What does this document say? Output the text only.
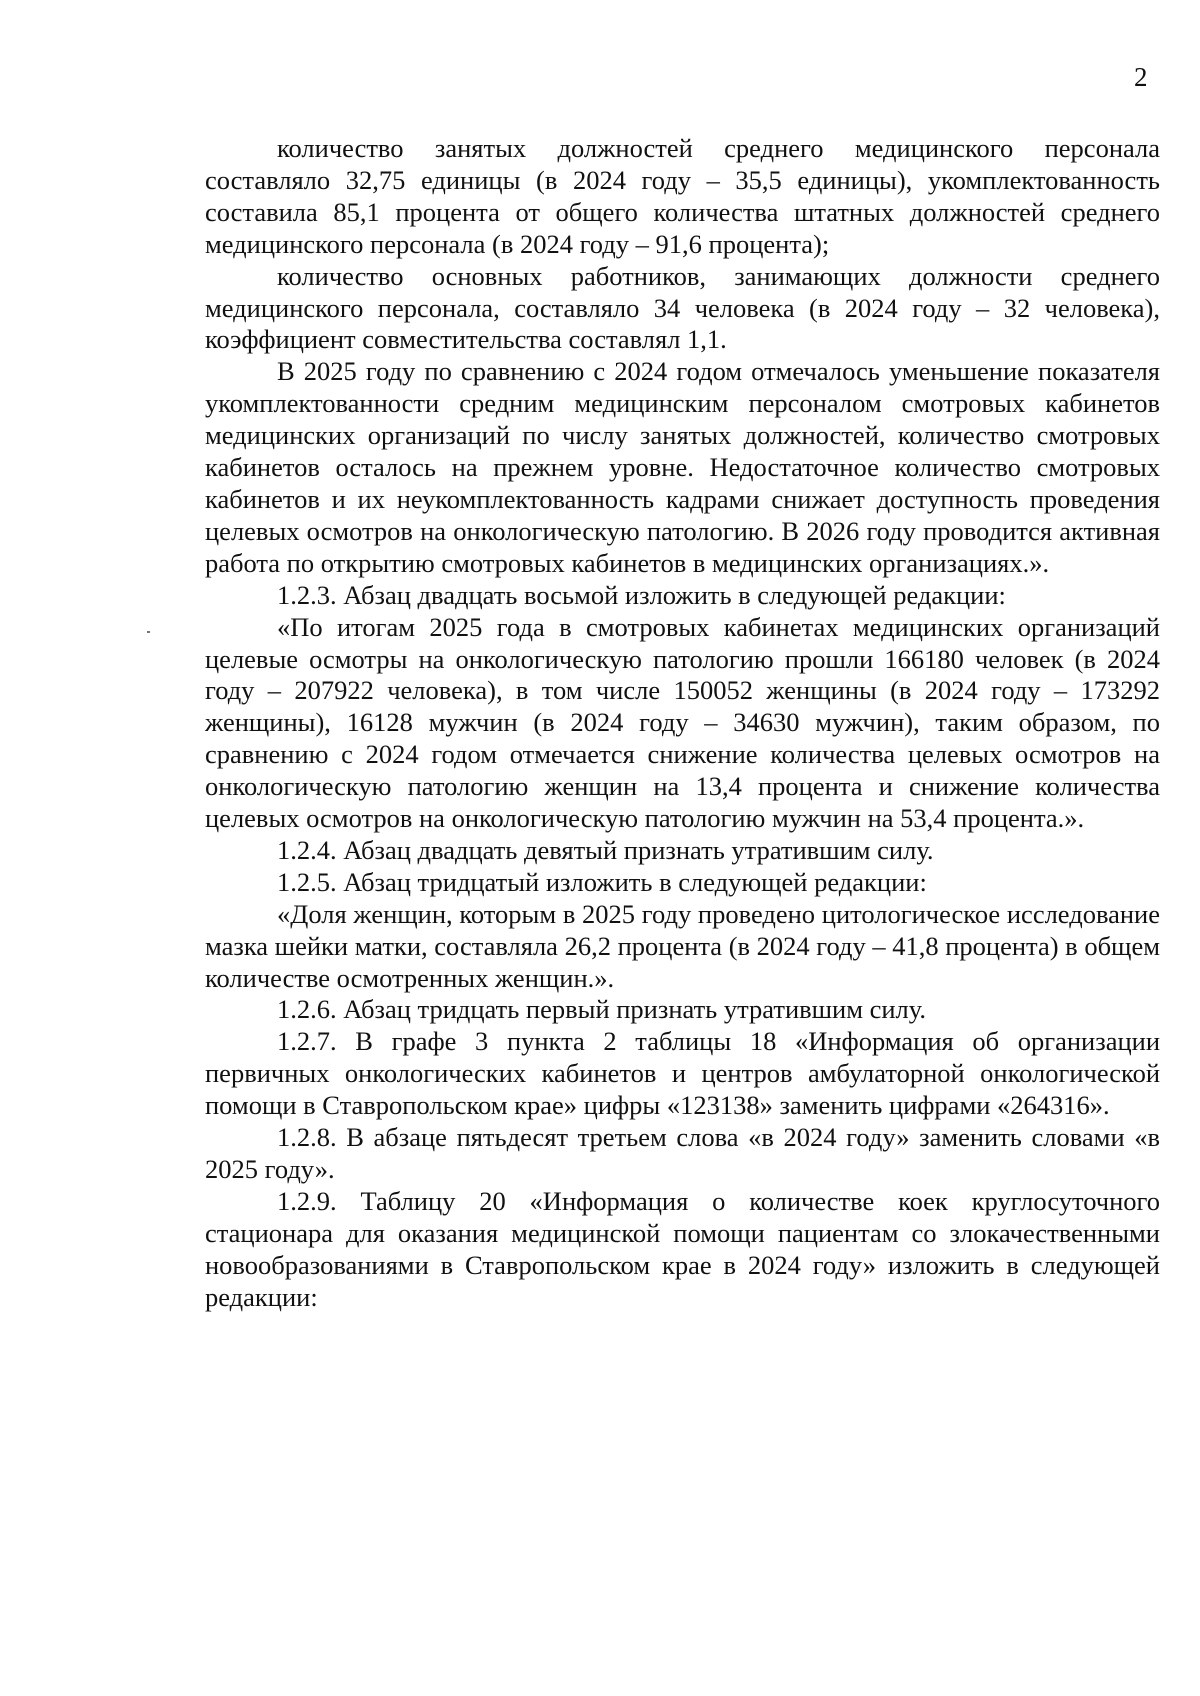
2

количество занятых должностей среднего медицинского персонала составляло 32,75 единицы (в 2024 году – 35,5 единицы), укомплектованность составила 85,1 процента от общего количества штатных должностей среднего медицинского персонала (в 2024 году – 91,6 процента);

количество основных работников, занимающих должности среднего медицинского персонала, составляло 34 человека (в 2024 году – 32 человека), коэффициент совместительства составлял 1,1.

В 2025 году по сравнению с 2024 годом отмечалось уменьшение показателя укомплектованности средним медицинским персоналом смотровых кабинетов медицинских организаций по числу занятых должностей, количество смотровых кабинетов осталось на прежнем уровне. Недостаточное количество смотровых кабинетов и их неукомплектованность кадрами снижает доступность проведения целевых осмотров на онкологическую патологию. В 2026 году проводится активная работа по открытию смотровых кабинетов в медицинских организациях.».

1.2.3. Абзац двадцать восьмой изложить в следующей редакции:

«По итогам 2025 года в смотровых кабинетах медицинских организаций целевые осмотры на онкологическую патологию прошли 166180 человек (в 2024 году – 207922 человека), в том числе 150052 женщины (в 2024 году – 173292 женщины), 16128 мужчин (в 2024 году – 34630 мужчин), таким образом, по сравнению с 2024 годом отмечается снижение количества целевых осмотров на онкологическую патологию женщин на 13,4 процента и снижение количества целевых осмотров на онкологическую патологию мужчин на 53,4 процента.».

1.2.4. Абзац двадцать девятый признать утратившим силу.

1.2.5. Абзац тридцатый изложить в следующей редакции:

«Доля женщин, которым в 2025 году проведено цитологическое исследование мазка шейки матки, составляла 26,2 процента (в 2024 году – 41,8 процента) в общем количестве осмотренных женщин.».

1.2.6. Абзац тридцать первый признать утратившим силу.

1.2.7. В графе 3 пункта 2 таблицы 18 «Информация об организации первичных онкологических кабинетов и центров амбулаторной онкологической помощи в Ставропольском крае» цифры «123138» заменить цифрами «264316».

1.2.8. В абзаце пятьдесят третьем слова «в 2024 году» заменить словами «в 2025 году».

1.2.9. Таблицу 20 «Информация о количестве коек круглосуточного стационара для оказания медицинской помощи пациентам со злокачественными новообразованиями в Ставропольском крае в 2024 году» изложить в следующей редакции:
